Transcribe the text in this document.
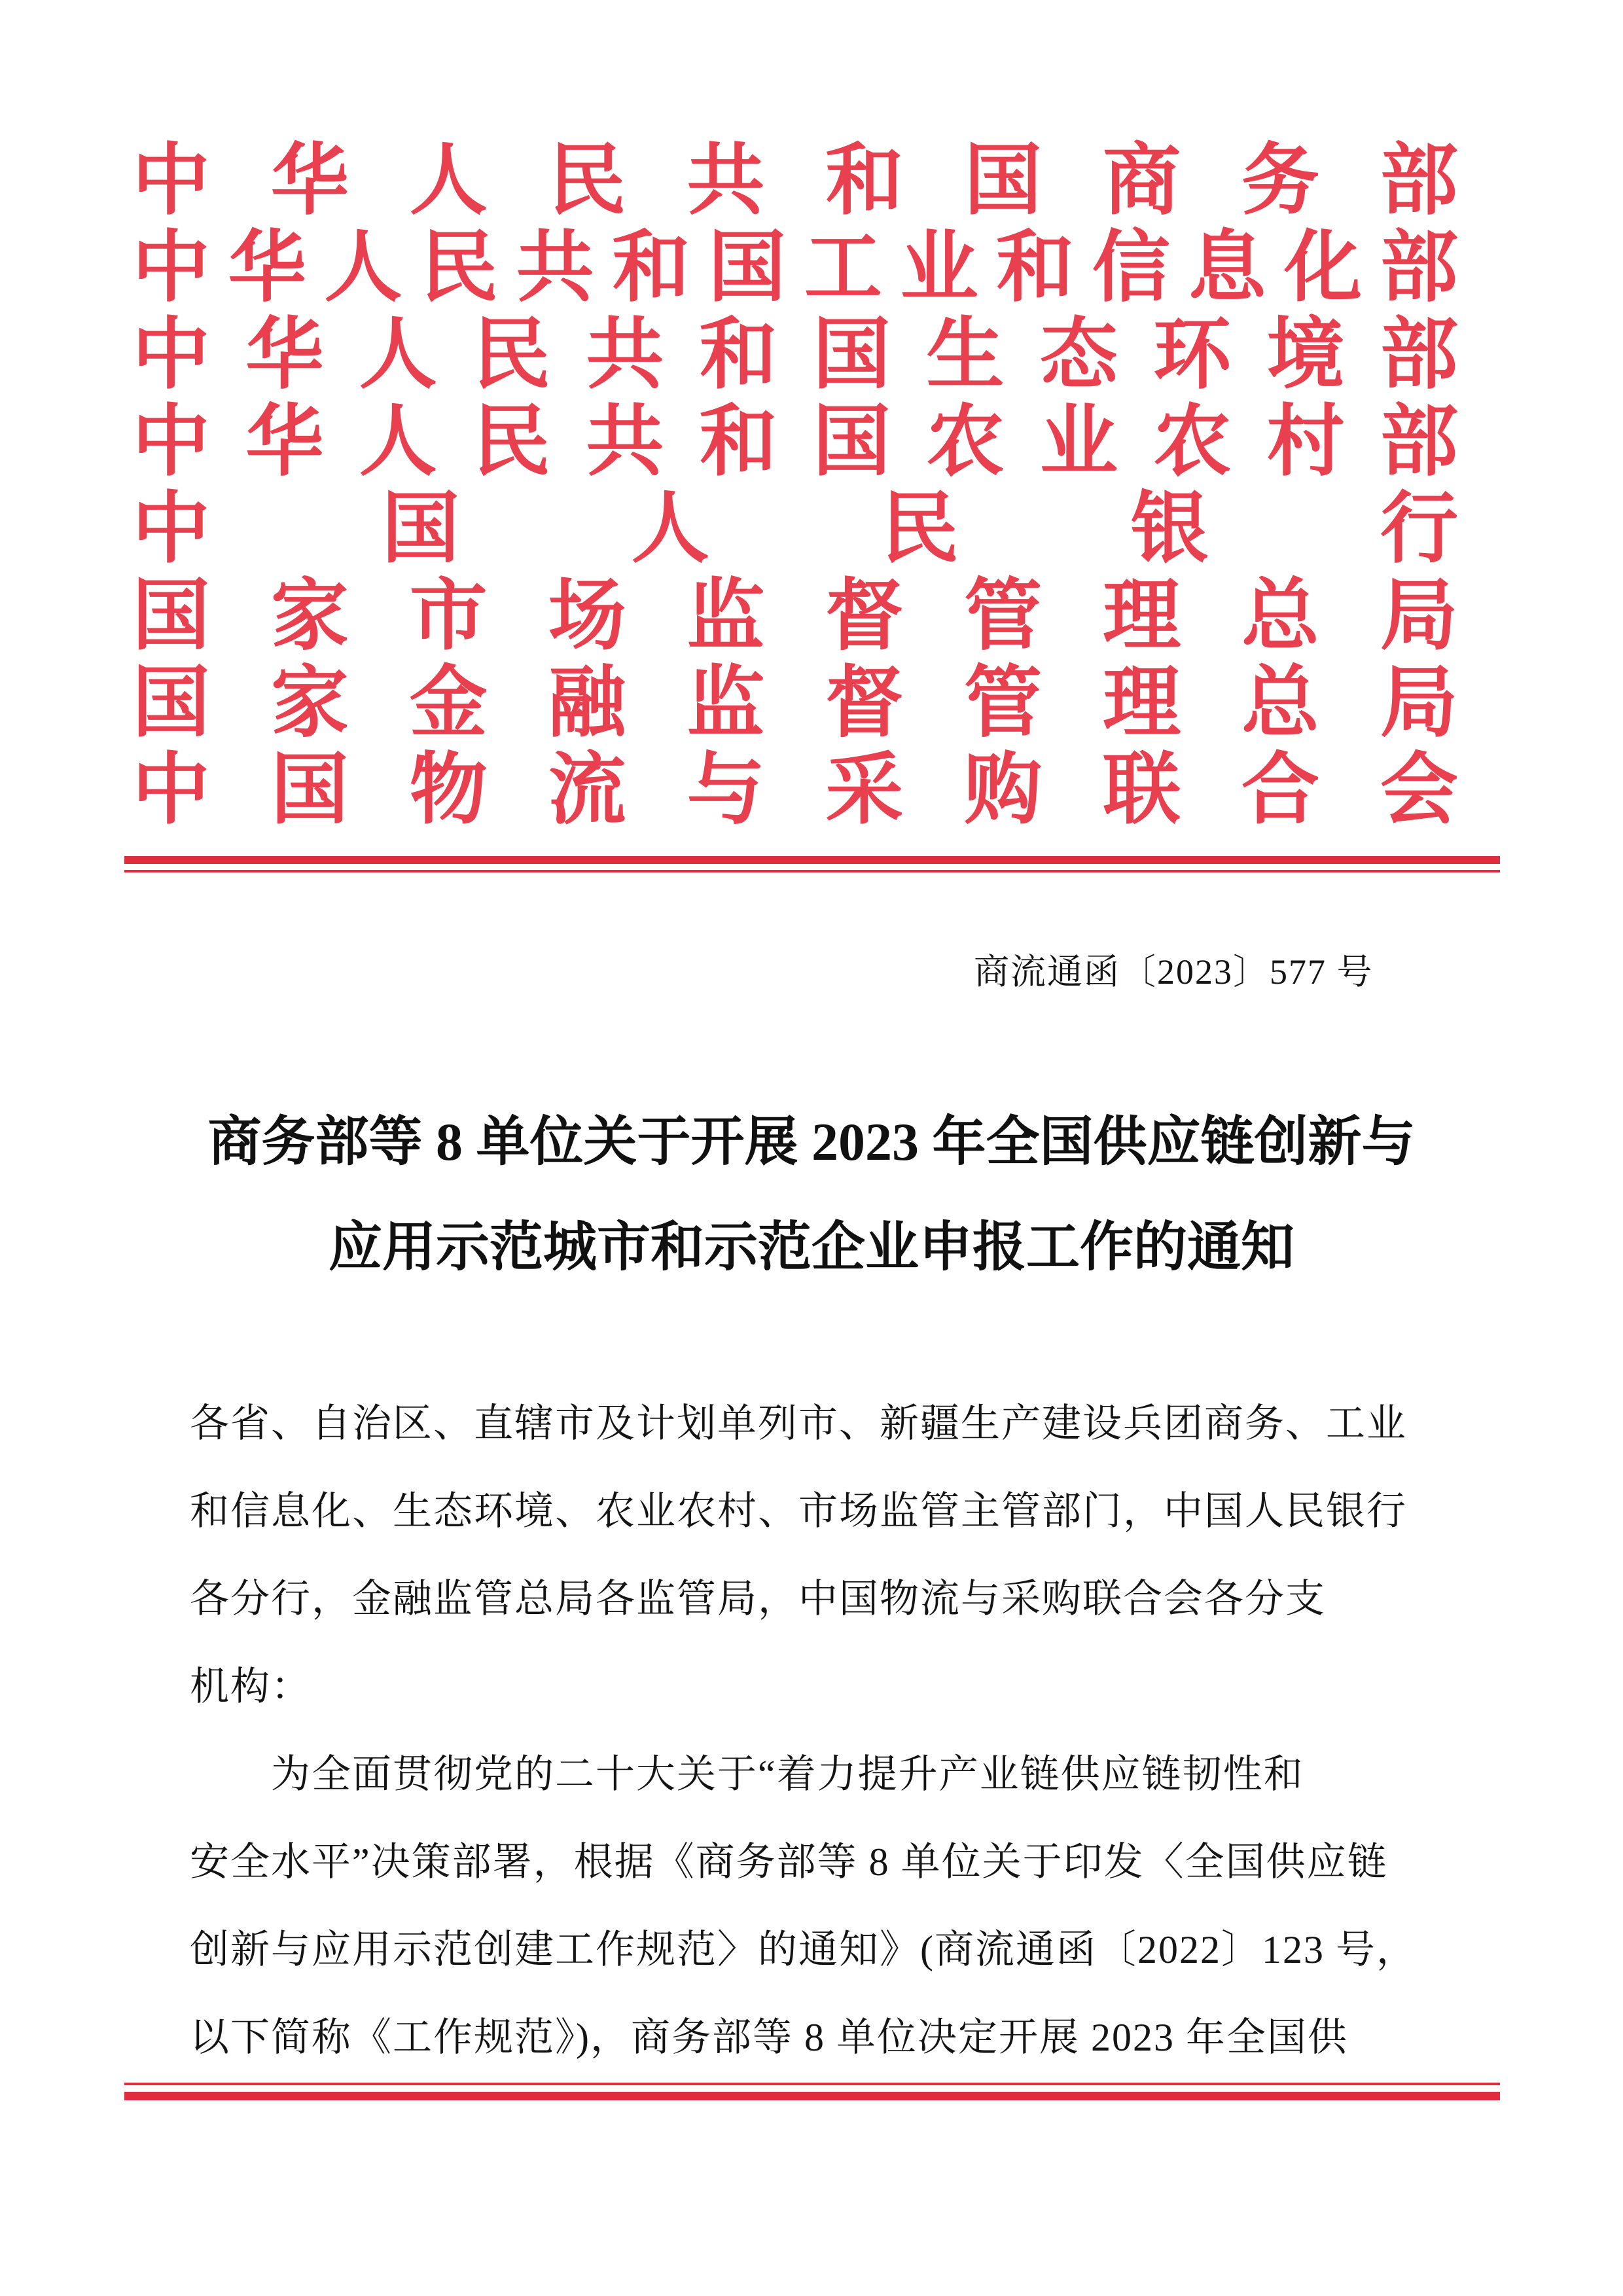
中 华 人 民 共 和 国 商 务 部
中 华 人 民 共 和 国 工 业 和 信 息 化 部
中 华 人 民 共 和 国 生 态 环 境 部
中 华 人 民 共 和 国 农 业 农 村 部
中 国 人 民 银 行
国 家 市 场 监 督 管 理 总 局
国 家 金 融 监 督 管 理 总 局
中 国 物 流 与 采 购 联 合 会
商流通函〔2023〕577 号
商务部等 8 单位关于开展 2023 年全国供应链创新与
应用示范城市和示范企业申报工作的通知

各省、自治区、直辖市及计划单列市、新疆生产建设兵团商务、工业

和信息化、生态环境、农业农村、市场监管主管部门，中国人民银行

各分行，金融监管总局各监管局，中国物流与采购联合会各分支

机构：

　　为全面贯彻党的二十大关于“着力提升产业链供应链韧性和

安全水平”决策部署，根据《商务部等 8 单位关于印发〈全国供应链

创新与应用示范创建工作规范〉的通知》(商流通函〔2022〕123 号，

以下简称《工作规范》)，商务部等 8 单位决定开展 2023 年全国供
